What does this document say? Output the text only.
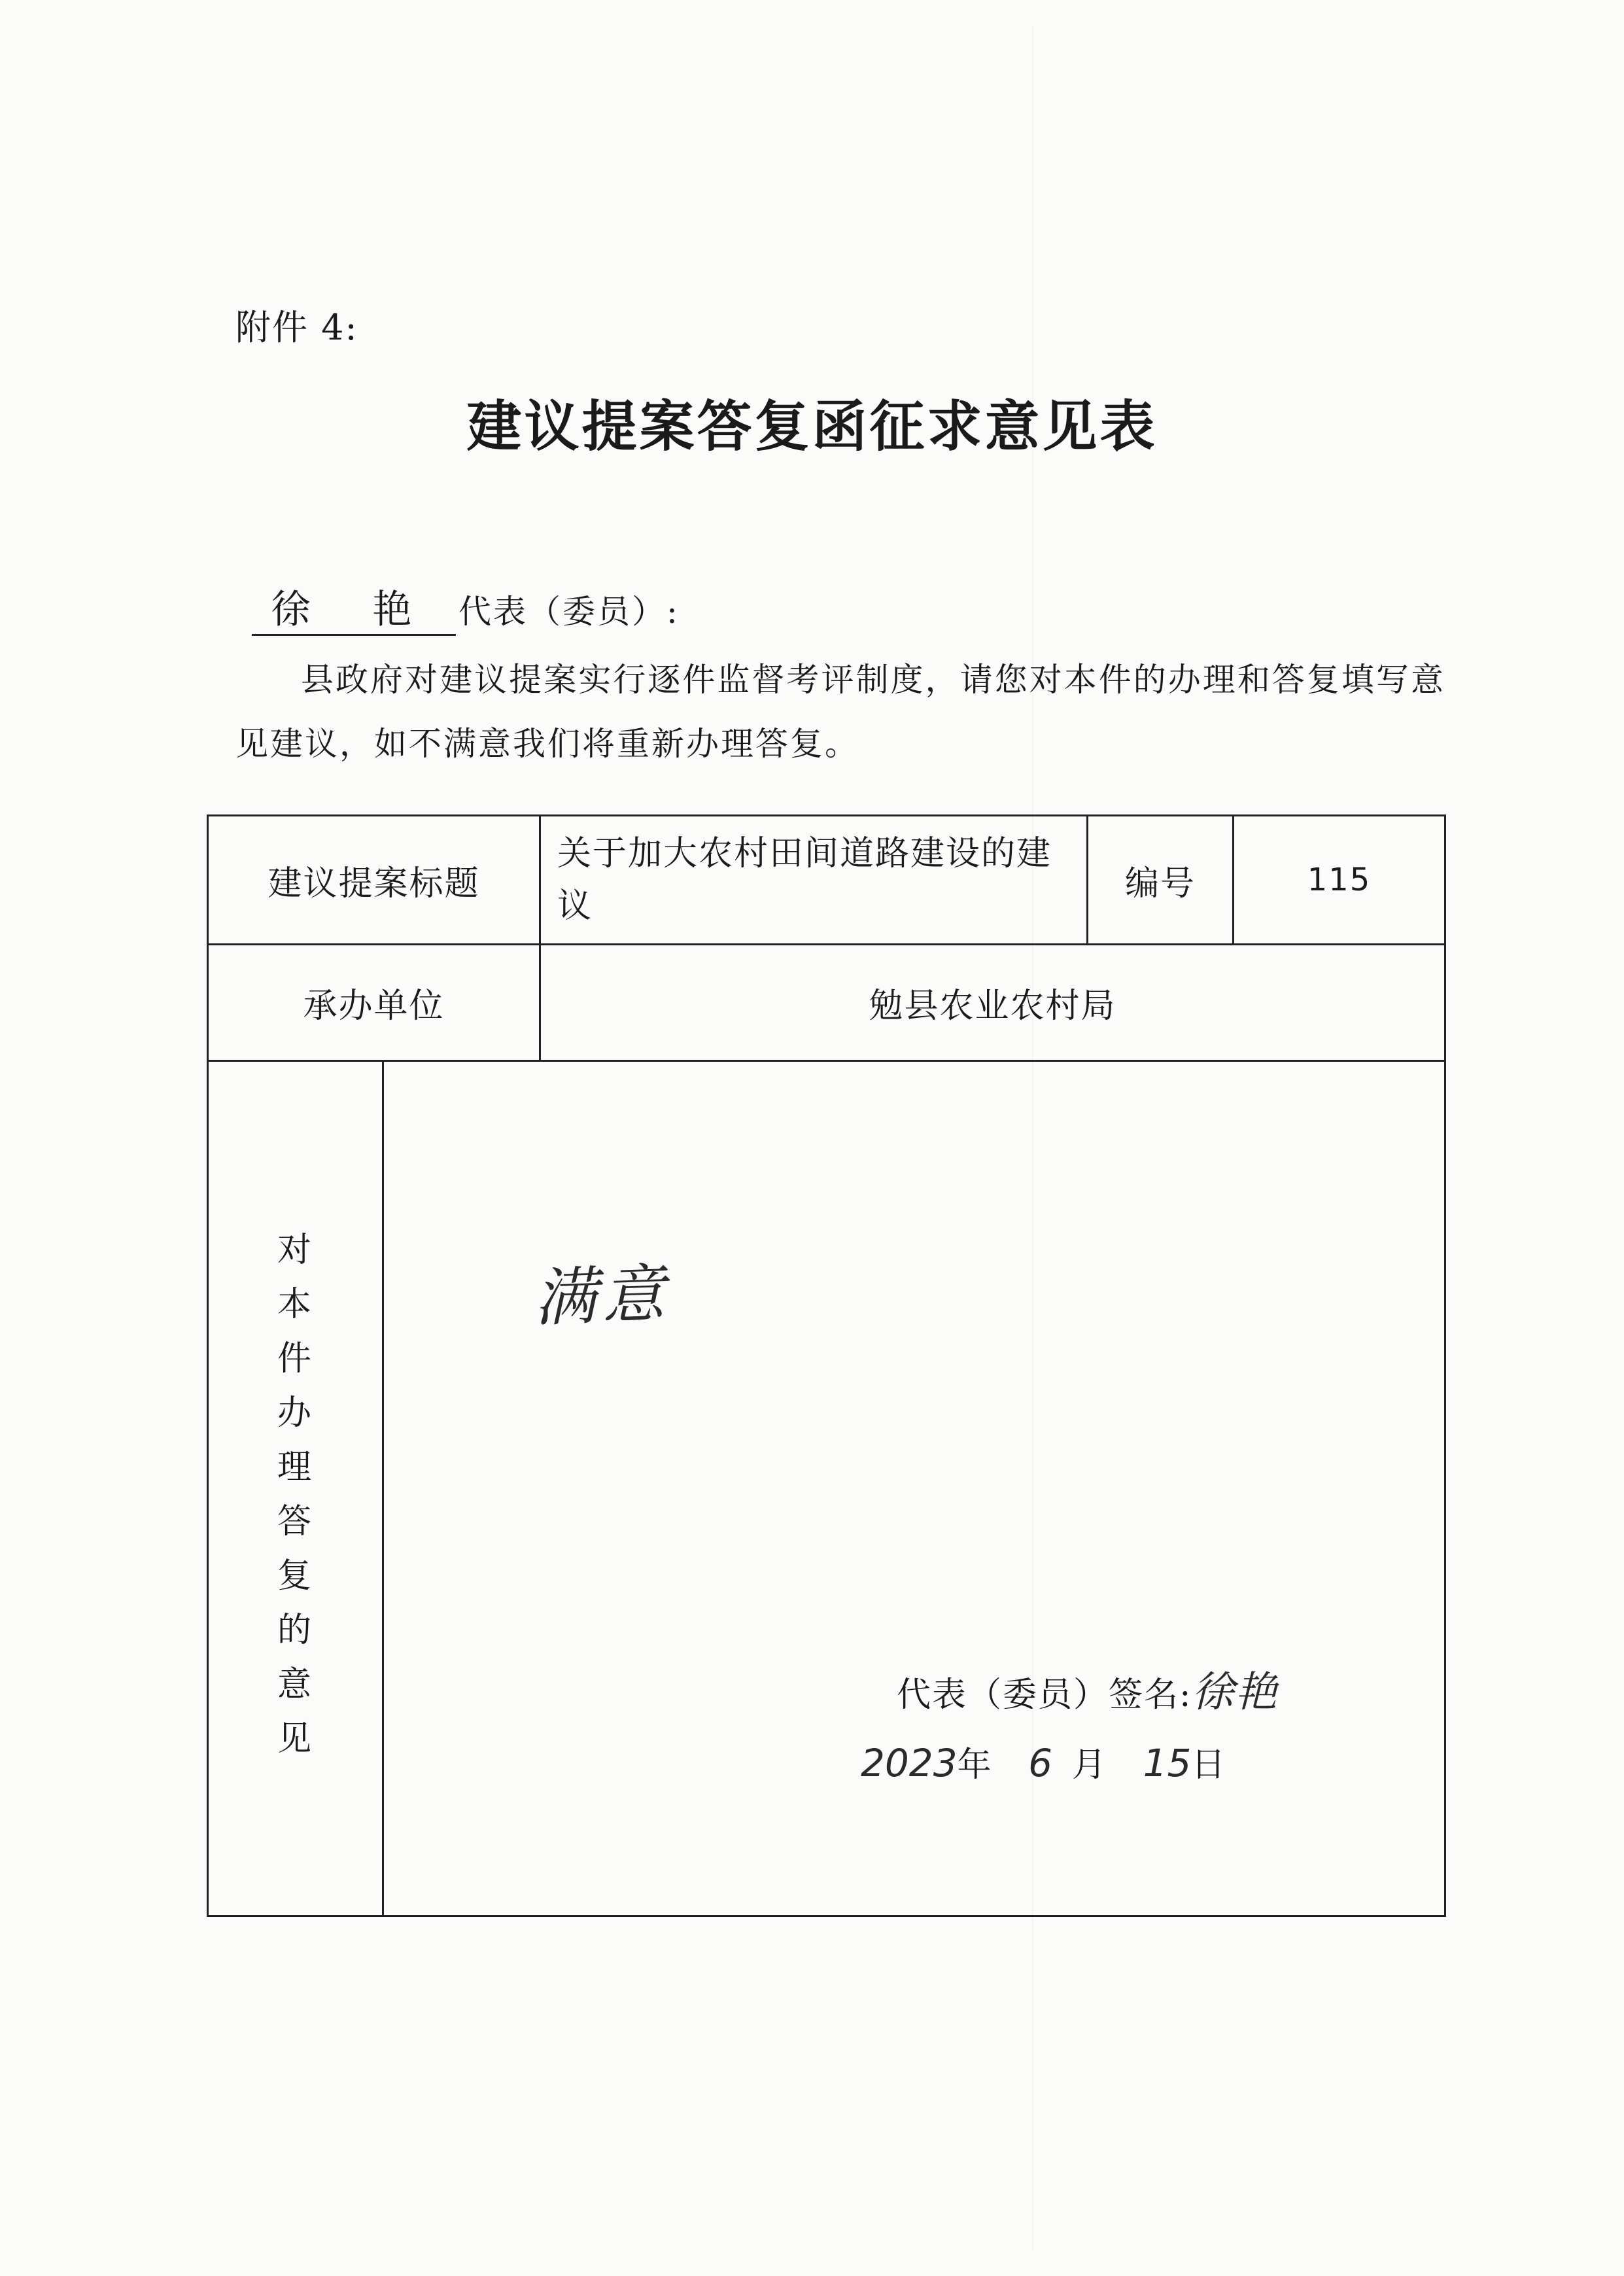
附件 4:
建议提案答复函征求意见表
徐 艳 代表（委员）:
县政府对建议提案实行逐件监督考评制度，请您对本件的办理和答复填写意见建议，如不满意我们将重新办理答复。
建议提案标题
关于加大农村田间道路建设的建议
编号	115
承办单位	勉县农业农村局
对
本
件
办
理
答
复
的
意
见
满意
代表（委员）签名:徐艳
2023年 6 月 15日
